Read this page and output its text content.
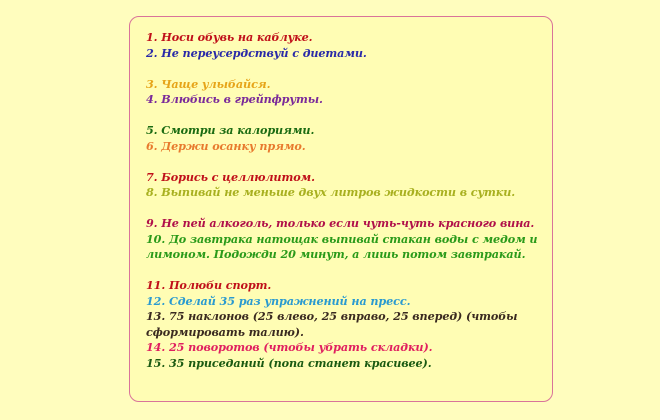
1. Носи обувь на каблуке.
2. Не переусердствуй с диетами.
3. Чаще улыбайся.
4. Влюбись в грейпфруты.
5. Смотри за калориями.
6. Держи осанку прямо.
7. Борись с целлюлитом.
8. Выпивай не меньше двух литров жидкости в сутки.
9. Не пей алкоголь, только если чуть-чуть красного вина.
10. До завтрака натощак выпивай стакан воды с медом и
лимоном. Подожди 20 минут, а лишь потом завтракай.
11. Полюби спорт.
12. Сделай 35 раз упражнений на пресс.
13. 75 наклонов (25 влево, 25 вправо, 25 вперед) (чтобы
сформировать талию).
14. 25 поворотов (чтобы убрать складки).
15. 35 приседаний (попа станет красивее).
